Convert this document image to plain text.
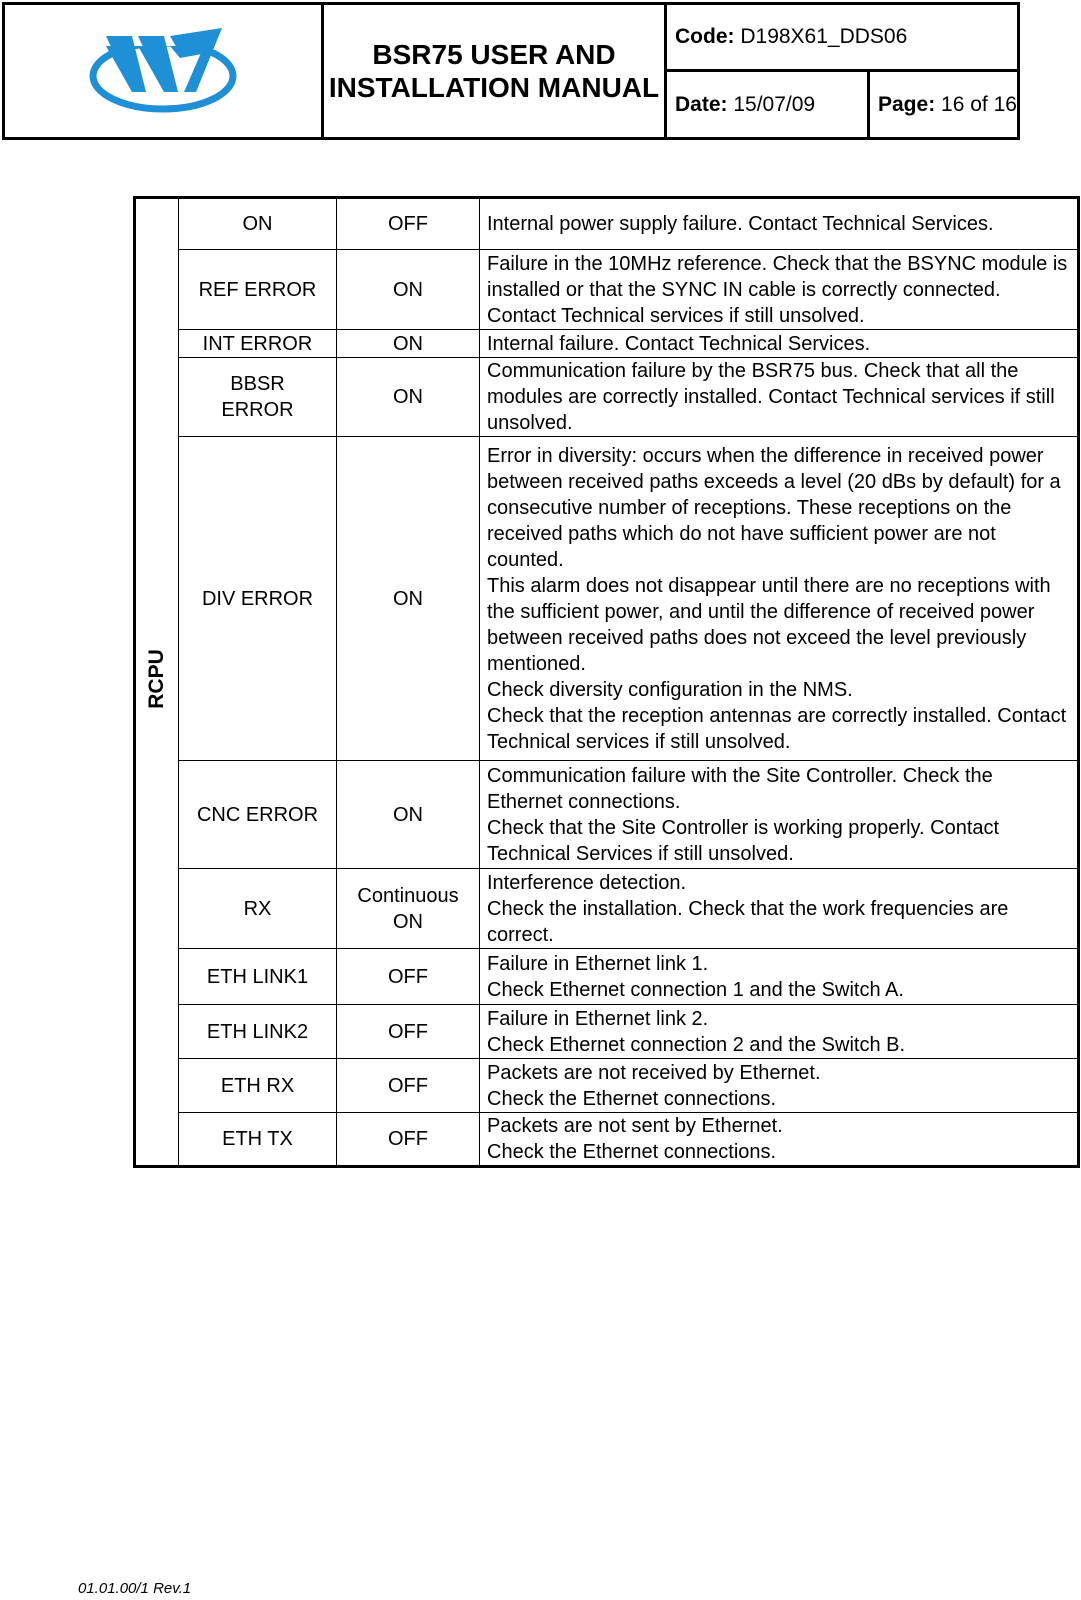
	BSR75 USER AND INSTALLATION MANUAL	Code: D198X61_DDS06	
		Date: 15/07/09	Page: 16 of 16
RCPU	ON	OFF	Internal power supply failure. Contact Technical Services.
	REF ERROR	ON	Failure in the 10MHz reference. Check that the BSYNC module is installed or that the SYNC IN cable is correctly connected. Contact Technical services if still unsolved.
	INT ERROR	ON	Internal failure. Contact Technical Services.
	BBSR ERROR	ON	Communication failure by the BSR75 bus. Check that all the modules are correctly installed. Contact Technical services if still unsolved.
	DIV ERROR	ON	Error in diversity: occurs when the difference in received power between received paths exceeds a level (20 dBs by default) for a consecutive number of receptions. These receptions on the received paths which do not have sufficient power are not counted.
This alarm does not disappear until there are no receptions with the sufficient power, and until the difference of received power between received paths does not exceed the level previously mentioned.
Check diversity configuration in the NMS.
Check that the reception antennas are correctly installed. Contact Technical services if still unsolved.
	CNC ERROR	ON	Communication failure with the Site Controller. Check the Ethernet connections.
Check that the Site Controller is working properly. Contact Technical Services if still unsolved.
	RX	Continuous ON	Interference detection.
Check the installation. Check that the work frequencies are correct.
	ETH LINK1	OFF	Failure in Ethernet link 1.
Check Ethernet connection 1 and the Switch A.
	ETH LINK2	OFF	Failure in Ethernet link 2.
Check Ethernet connection 2 and the Switch B.
	ETH RX	OFF	Packets are not received by Ethernet.
Check the Ethernet connections.
	ETH TX	OFF	Packets are not sent by Ethernet.
Check the Ethernet connections.
01.01.00/1 Rev.1
